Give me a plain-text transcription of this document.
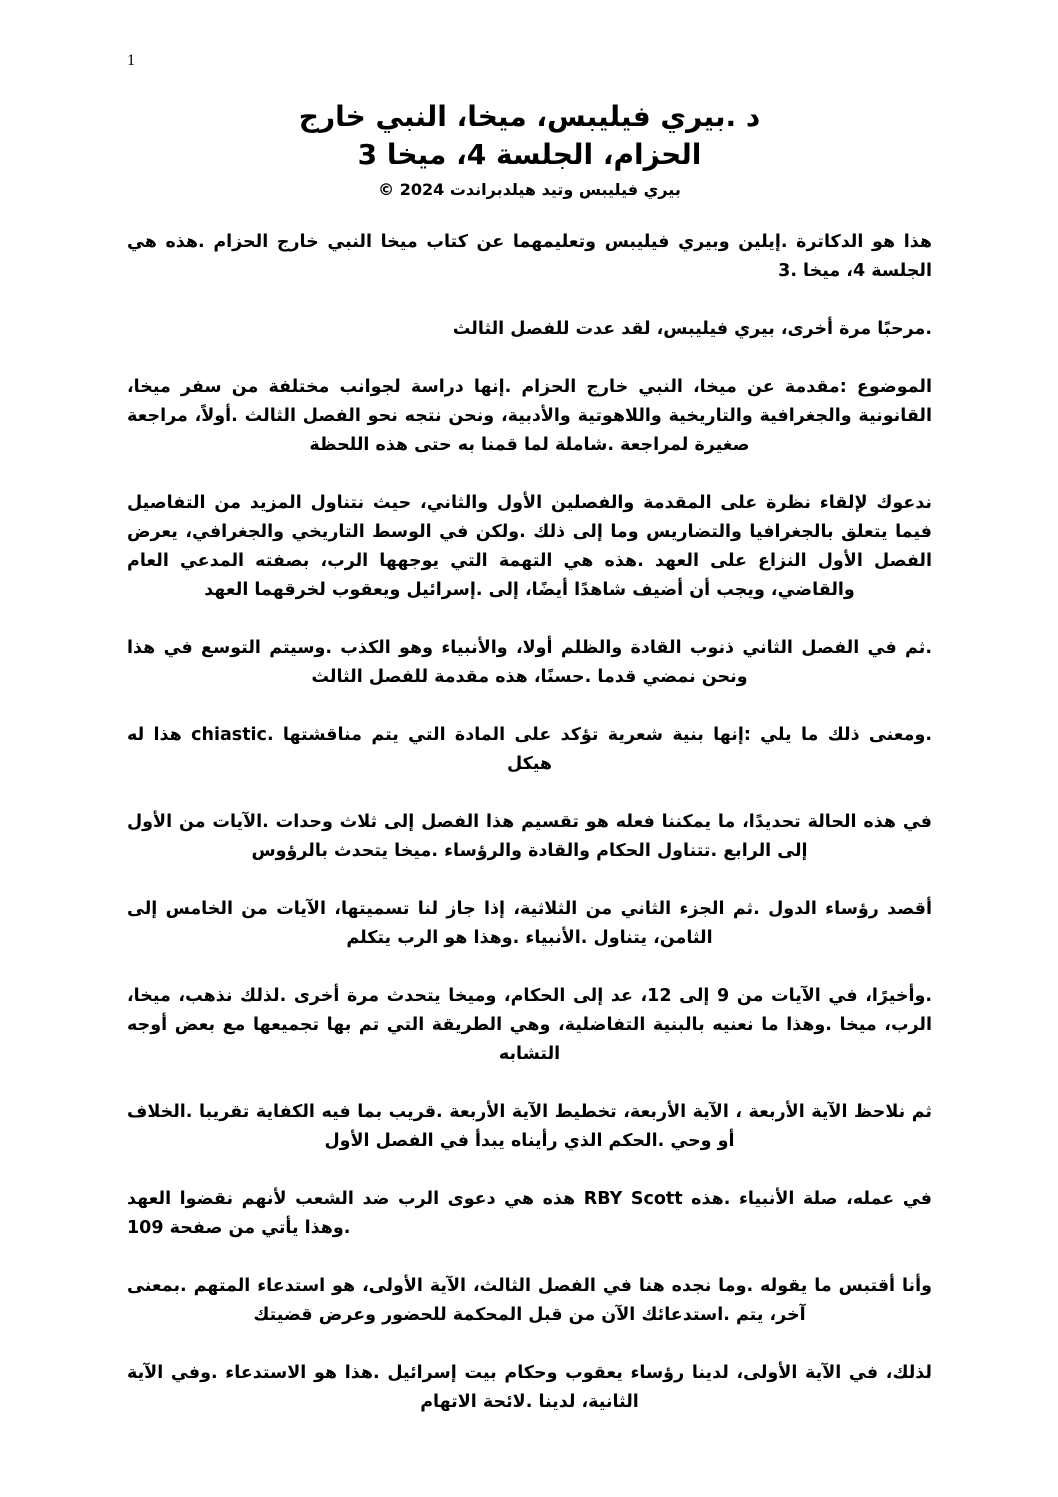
1
د .بيري فيليبس، ميخا، النبي خارج
الحزام، الجلسة 4، ميخا 3
بيري فيليبس وتيد هيلدبراندت 2024 ©

هذا هو الدكاترة .إيلين وبيري فيليبس وتعليمهما عن كتاب ميخا النبي خارج الحزام .هذه هي الجلسة 4، ميخا .3

.مرحبًا مرة أخرى، بيري فيليبس، لقد عدت للفصل الثالث

الموضوع :مقدمة عن ميخا، النبي خارج الحزام .إنها دراسة لجوانب مختلفة من سفر ميخا، القانونية والجغرافية والتاريخية واللاهوتية والأدبية، ونحن نتجه نحو الفصل الثالث .أولاً، مراجعة صغيرة لمراجعة .شاملة لما قمنا به حتى هذه اللحظة

ندعوك لإلقاء نظرة على المقدمة والفصلين الأول والثاني، حيث نتناول المزيد من التفاصيل فيما يتعلق بالجغرافيا والتضاريس وما إلى ذلك .ولكن في الوسط التاريخي والجغرافي، يعرض الفصل الأول النزاع على العهد .هذه هي التهمة التي يوجهها الرب، بصفته المدعي العام والقاضي، ويجب أن أضيف شاهدًا أيضًا، إلى .إسرائيل ويعقوب لخرقهما العهد

.ثم في الفصل الثاني ذنوب القادة والظلم أولا، والأنبياء وهو الكذب .وسيتم التوسع في هذا ونحن نمضي قدما .حسنًا، هذه مقدمة للفصل الثالث

.ومعنى ذلك ما يلي :إنها بنية شعرية تؤكد على المادة التي يتم مناقشتها .chiastic هذا له هيكل

في هذه الحالة تحديدًا، ما يمكننا فعله هو تقسيم هذا الفصل إلى ثلاث وحدات .الآيات من الأول إلى الرابع .تتناول الحكام والقادة والرؤساء .ميخا يتحدث بالرؤوس

أقصد رؤساء الدول .ثم الجزء الثاني من الثلاثية، إذا جاز لنا تسميتها، الآيات من الخامس إلى الثامن، يتناول .الأنبياء .وهذا هو الرب يتكلم

.وأخيرًا، في الآيات من 9 إلى 12، عد إلى الحكام، وميخا يتحدث مرة أخرى .لذلك نذهب، ميخا، الرب، ميخا .وهذا ما نعنيه بالبنية التفاضلية، وهي الطريقة التي تم بها تجميعها مع بعض أوجه التشابه

ثم نلاحظ الآية الأربعة ، الآية الأربعة، تخطيط الآية الأربعة .قريب بما فيه الكفاية تقريبا .الخلاف أو وحي .الحكم الذي رأيناه يبدأ في الفصل الأول

في عمله، صلة الأنبياء .هذه RBY Scott هذه هي دعوى الرب ضد الشعب لأنهم نقضوا العهد .وهذا يأتي من صفحة 109

وأنا أقتبس ما يقوله .وما نجده هنا في الفصل الثالث، الآية الأولى، هو استدعاء المتهم .بمعنى آخر، يتم .استدعائك الآن من قبل المحكمة للحضور وعرض قضيتك

لذلك، في الآية الأولى، لدينا رؤساء يعقوب وحكام بيت إسرائيل .هذا هو الاستدعاء .وفي الآية الثانية، لدينا .لائحة الاتهام
